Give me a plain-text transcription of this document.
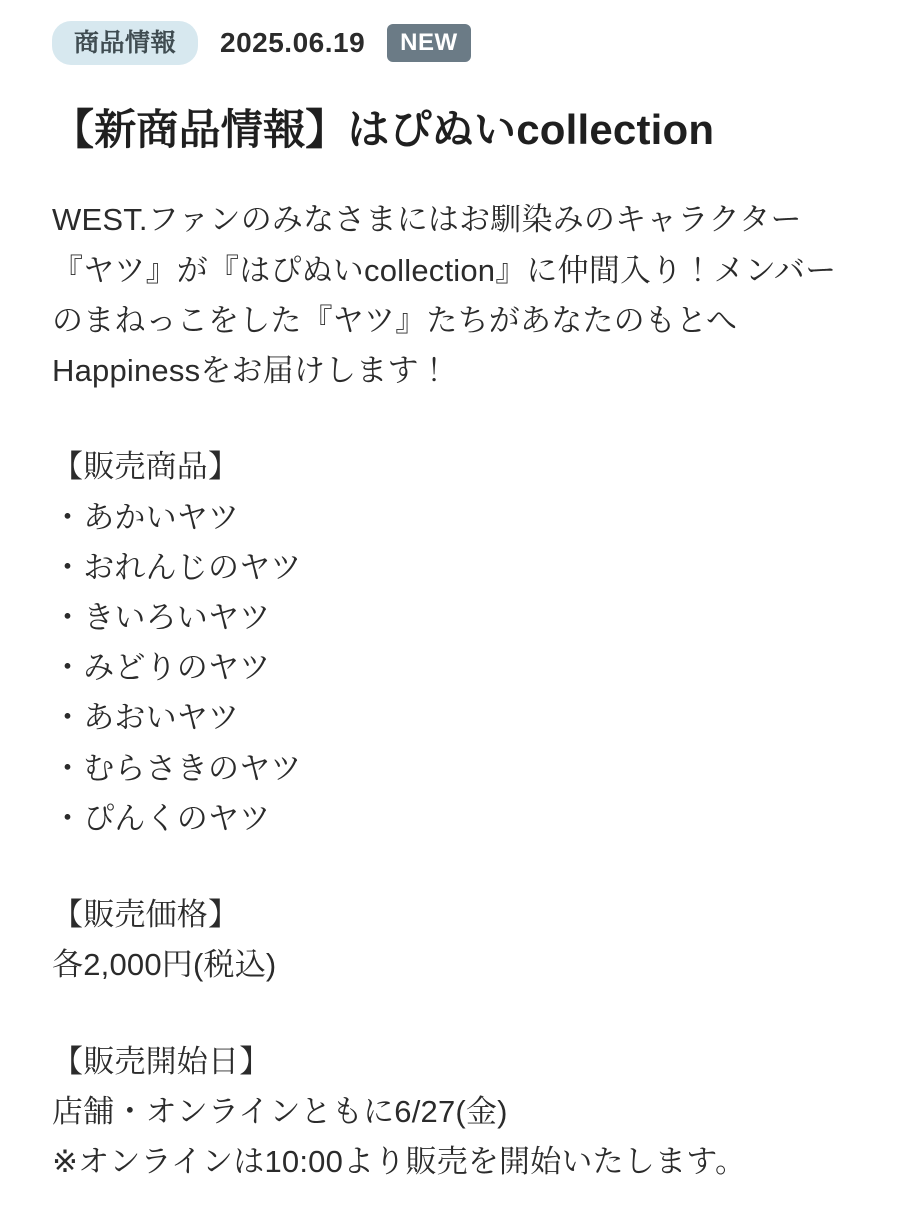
商品情報	2025.06.19	NEW
【新商品情報】はぴぬいcollection

WEST.ファンのみなさまにはお馴染みのキャラクター『ヤツ』が『はぴぬいcollection』に仲間入り！メンバーのまねっこをした『ヤツ』たちがあなたのもとへHappinessをお届けします！

【販売商品】

・あかいヤツ
・おれんじのヤツ
・きいろいヤツ
・みどりのヤツ
・あおいヤツ
・むらさきのヤツ
・ぴんくのヤツ

【販売価格】

各2,000円(税込)

【販売開始日】

店舗・オンラインともに6/27(金)

※オンラインは10:00より販売を開始いたします。
